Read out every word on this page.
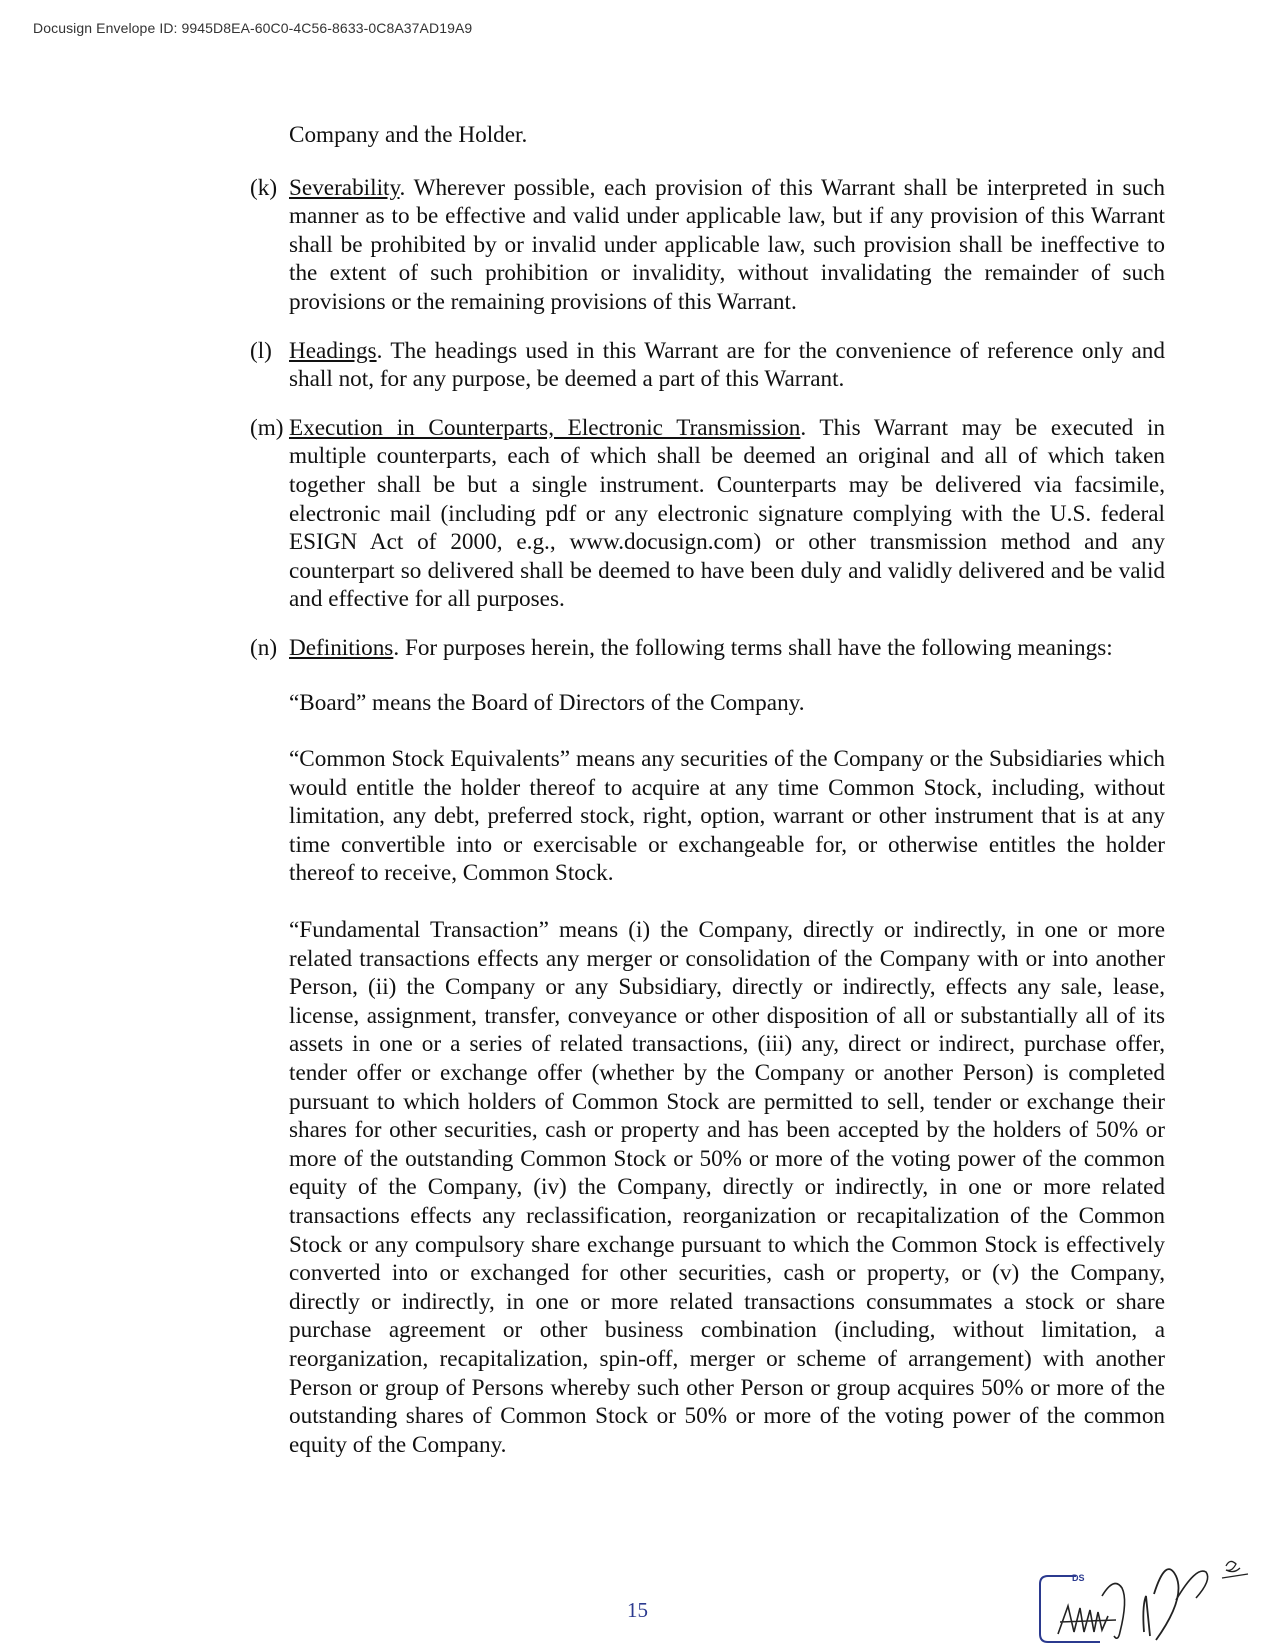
Docusign Envelope ID: 9945D8EA-60C0-4C56-8633-0C8A37AD19A9

Company and the Holder.

(k) Severability. Wherever possible, each provision of this Warrant shall be interpreted in such manner as to be effective and valid under applicable law, but if any provision of this Warrant shall be prohibited by or invalid under applicable law, such provision shall be ineffective to the extent of such prohibition or invalidity, without invalidating the remainder of such provisions or the remaining provisions of this Warrant.

(l) Headings. The headings used in this Warrant are for the convenience of reference only and shall not, for any purpose, be deemed a part of this Warrant.

(m) Execution in Counterparts, Electronic Transmission. This Warrant may be executed in multiple counterparts, each of which shall be deemed an original and all of which taken together shall be but a single instrument. Counterparts may be delivered via facsimile, electronic mail (including pdf or any electronic signature complying with the U.S. federal ESIGN Act of 2000, e.g., www.docusign.com) or other transmission method and any counterpart so delivered shall be deemed to have been duly and validly delivered and be valid and effective for all purposes.

(n) Definitions. For purposes herein, the following terms shall have the following meanings:

“Board” means the Board of Directors of the Company.

“Common Stock Equivalents” means any securities of the Company or the Subsidiaries which would entitle the holder thereof to acquire at any time Common Stock, including, without limitation, any debt, preferred stock, right, option, warrant or other instrument that is at any time convertible into or exercisable or exchangeable for, or otherwise entitles the holder thereof to receive, Common Stock.

“Fundamental Transaction” means (i) the Company, directly or indirectly, in one or more related transactions effects any merger or consolidation of the Company with or into another Person, (ii) the Company or any Subsidiary, directly or indirectly, effects any sale, lease, license, assignment, transfer, conveyance or other disposition of all or substantially all of its assets in one or a series of related transactions, (iii) any, direct or indirect, purchase offer, tender offer or exchange offer (whether by the Company or another Person) is completed pursuant to which holders of Common Stock are permitted to sell, tender or exchange their shares for other securities, cash or property and has been accepted by the holders of 50% or more of the outstanding Common Stock or 50% or more of the voting power of the common equity of the Company, (iv) the Company, directly or indirectly, in one or more related transactions effects any reclassification, reorganization or recapitalization of the Common Stock or any compulsory share exchange pursuant to which the Common Stock is effectively converted into or exchanged for other securities, cash or property, or (v) the Company, directly or indirectly, in one or more related transactions consummates a stock or share purchase agreement or other business combination (including, without limitation, a reorganization, recapitalization, spin-off, merger or scheme of arrangement) with another Person or group of Persons whereby such other Person or group acquires 50% or more of the outstanding shares of Common Stock or 50% or more of the voting power of the common equity of the Company.

15
DS
